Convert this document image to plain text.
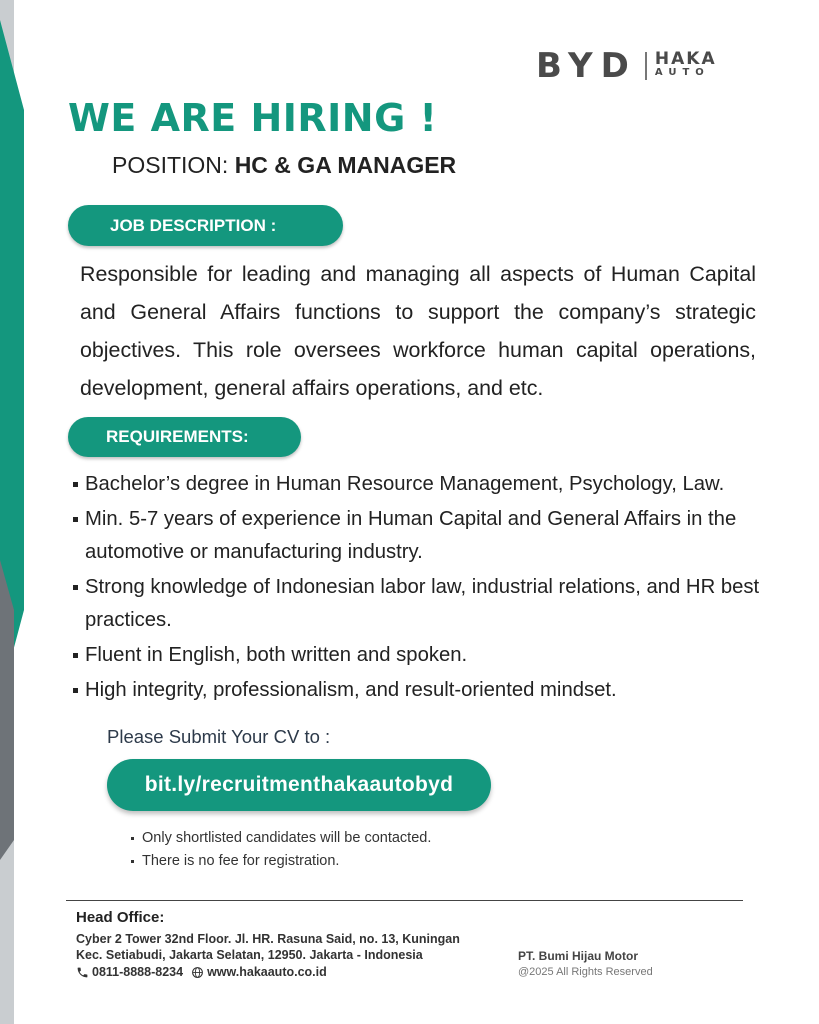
BYD HAKA
AUTO
WE ARE HIRING !
POSITION: HC & GA MANAGER
JOB DESCRIPTION :
Responsible for leading and managing all aspects of Human Capital and General Affairs functions to support the company’s strategic objectives. This role oversees workforce human capital operations, development, general affairs operations, and etc.
REQUIREMENTS:
Bachelor’s degree in Human Resource Management, Psychology, Law.
Min. 5-7 years of experience in Human Capital and General Affairs in the automotive or manufacturing industry.
Strong knowledge of Indonesian labor law, industrial relations, and HR best practices.
Fluent in English, both written and spoken.
High integrity, professionalism, and result-oriented mindset.
Please Submit Your CV to :
bit.ly/recruitmenthakaautobyd
Only shortlisted candidates will be contacted.
There is no fee for registration.
Head Office:
Cyber 2 Tower 32nd Floor. Jl. HR. Rasuna Said, no. 13, Kuningan
Kec. Setiabudi, Jakarta Selatan, 12950. Jakarta - Indonesia
0811-8888-8234 www.hakaauto.co.id
PT. Bumi Hijau Motor
@2025 All Rights Reserved
